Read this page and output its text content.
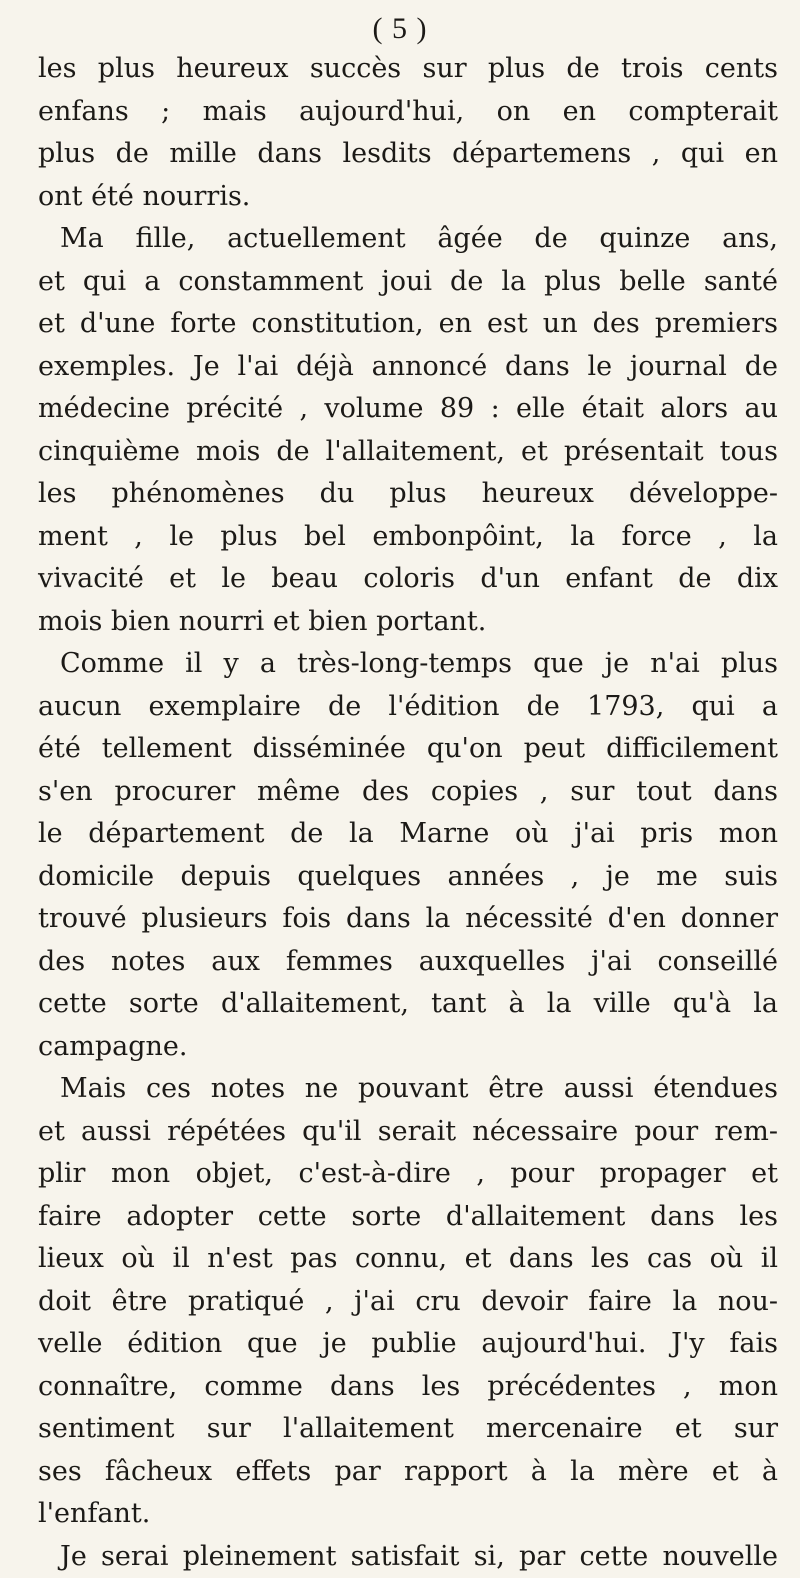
( 5 )
les plus heureux succès sur plus de trois cents
enfans ; mais aujourd'hui, on en compterait
plus de mille dans lesdits départemens , qui en
ont été nourris.
Ma fille, actuellement âgée de quinze ans,
et qui a constamment joui de la plus belle santé
et d'une forte constitution, en est un des premiers
exemples. Je l'ai déjà annoncé dans le journal de
médecine précité , volume 89 : elle était alors au
cinquième mois de l'allaitement, et présentait tous
les phénomènes du plus heureux développe-
ment , le plus bel embonpôint, la force , la
vivacité et le beau coloris d'un enfant de dix
mois bien nourri et bien portant.
Comme il y a très-long-temps que je n'ai plus
aucun exemplaire de l'édition de 1793, qui a
été tellement disséminée qu'on peut difficilement
s'en procurer même des copies , sur tout dans
le département de la Marne où j'ai pris mon
domicile depuis quelques années , je me suis
trouvé plusieurs fois dans la nécessité d'en donner
des notes aux femmes auxquelles j'ai conseillé
cette sorte d'allaitement, tant à la ville qu'à la
campagne.
Mais ces notes ne pouvant être aussi étendues
et aussi répétées qu'il serait nécessaire pour rem-
plir mon objet, c'est-à-dire , pour propager et
faire adopter cette sorte d'allaitement dans les
lieux où il n'est pas connu, et dans les cas où il
doit être pratiqué , j'ai cru devoir faire la nou-
velle édition que je publie aujourd'hui. J'y fais
connaître, comme dans les précédentes , mon
sentiment sur l'allaitement mercenaire et sur
ses fâcheux effets par rapport à la mère et à
l'enfant.
Je serai pleinement satisfait si, par cette nouvelle
